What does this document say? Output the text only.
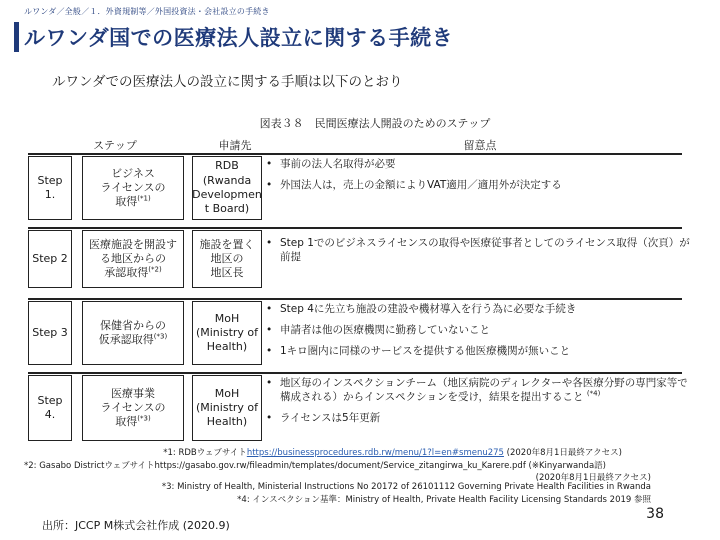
ルワンダ／全般／１．外資規制等／外国投資法・会社設立の手続き
ルワンダ国での医療法人設立に関する手続き
ルワンダでの医療法人の設立に関する手順は以下のとおり
図表３８　民間医療法人開設のためのステップ
ステップ	申請先	留意点
Step
1.
ビジネス
ライセンスの
取得$^{(*1)}$
RDB
(Rwanda
Developmen
t Board)
• 事前の法人名取得が必要
• 外国法人は，売上の金額によりVAT適用／適用外が決定する
Step 2
医療施設を開設す
る地区からの
承認取得$^{(*2)}$
施設を置く
地区の
地区長
• Step 1でのビジネスライセンスの取得や医療従事者としてのライセンス取得（次頁）が前提
Step 3
保健省からの
仮承認取得$^{(*3)}$
MoH
(Ministry of
Health)
• Step 4に先立ち施設の建設や機材導入を行う為に必要な手続き
• 申請者は他の医療機関に勤務していないこと
• 1キロ圏内に同様のサービスを提供する他医療機関が無いこと
Step
4.
医療事業
ライセンスの
取得$^{(*3)}$
MoH
(Ministry of
Health)
• 地区毎のインスペクションチーム（地区病院のディレクターや各医療分野の専門家等で構成される）からインスペクションを受け，結果を提出すること $^{(*4)}$
• ライセンスは5年更新
*1: RDBウェブサイトhttps://businessprocedures.rdb.rw/menu/1?l=en#smenu275 (2020年8月1日最終アクセス)
*2: Gasabo Districtウェブサイトhttps://gasabo.gov.rw/fileadmin/templates/document/Service_zitangirwa_ku_Karere.pdf (※Kinyarwanda語)
(2020年8月1日最終アクセス)
*3: Ministry of Health, Ministerial Instructions No 20172 of 26101112 Governing Private Health Facilities in Rwanda
*4: インスペクション基準：Ministry of Health, Private Health Facility Licensing Standards 2019 参照
38
出所：JCCP M株式会社作成 (2020.9)
